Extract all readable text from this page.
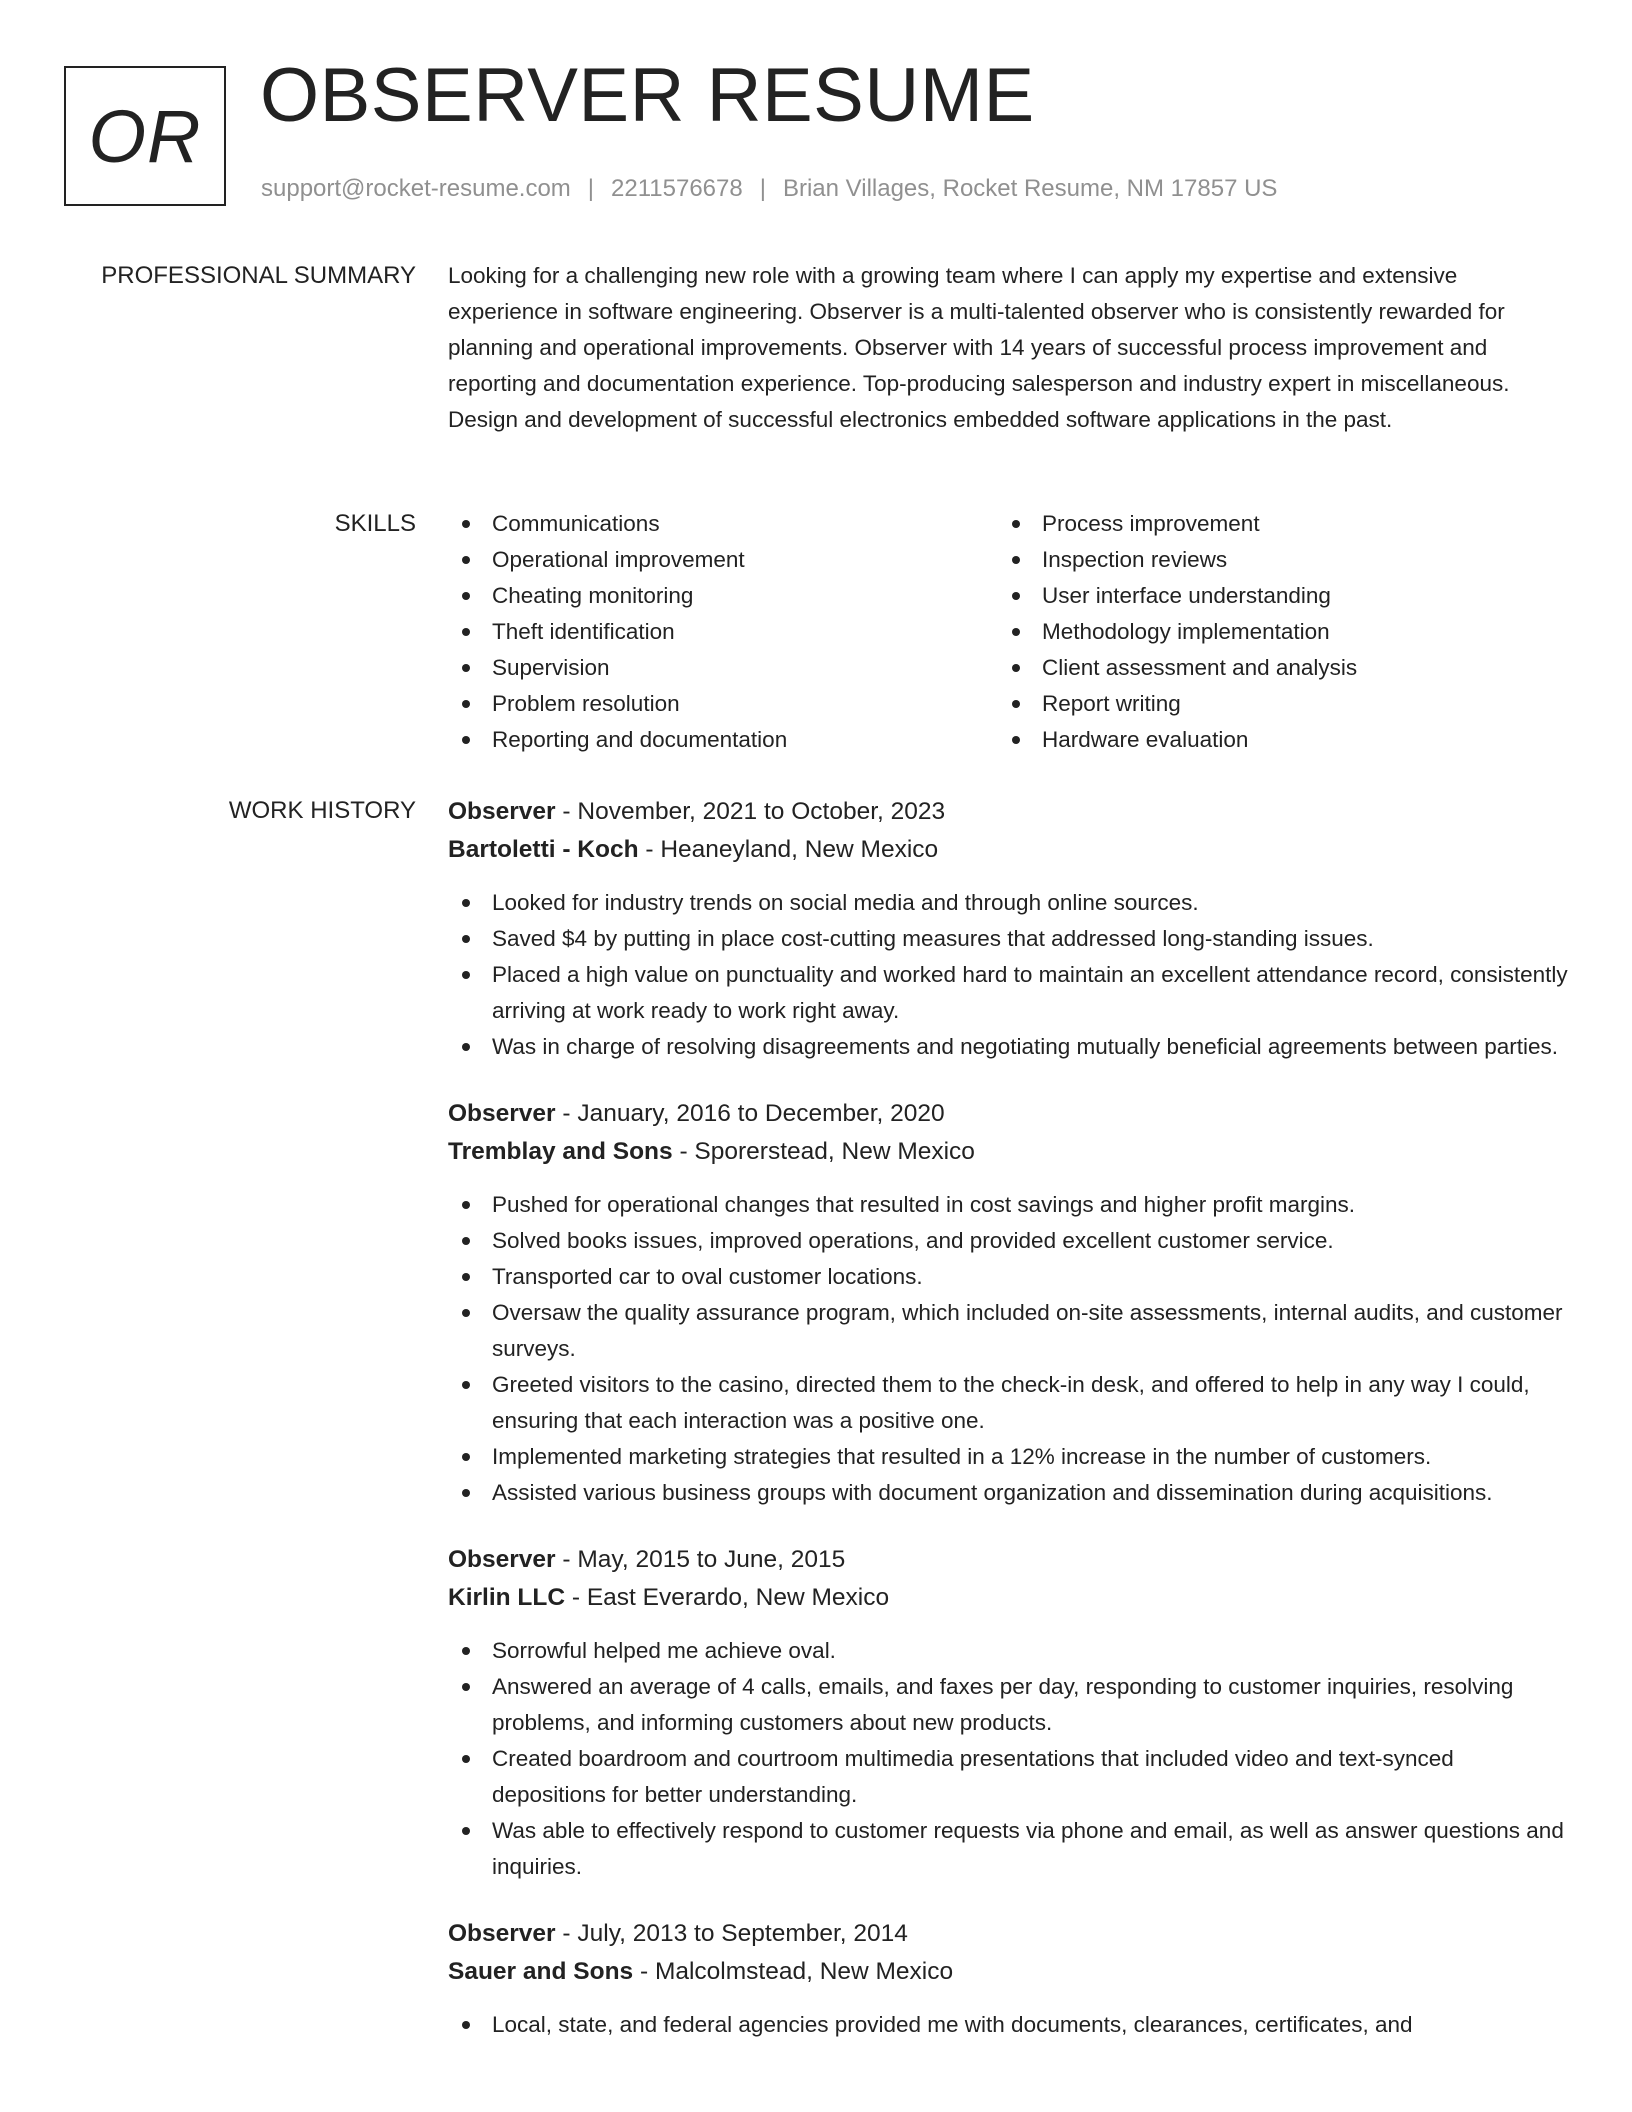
OR OBSERVER RESUME
support@rocket-resume.com | 2211576678 | Brian Villages, Rocket Resume, NM 17857 US
PROFESSIONAL SUMMARY Looking for a challenging new role with a growing team where I can apply my expertise and extensive experience in software engineering. Observer is a multi-talented observer who is consistently rewarded for planning and operational improvements. Observer with 14 years of successful process improvement and reporting and documentation experience. Top-producing salesperson and industry expert in miscellaneous. Design and development of successful electronics embedded software applications in the past.

SKILLS	Communications
Operational improvement
Cheating monitoring
Theft identification
Supervision
Problem resolution
Reporting and documentation
Process improvement
Inspection reviews
User interface understanding
Methodology implementation
Client assessment and analysis
Report writing
Hardware evaluation
WORK HISTORY Observer - November, 2021 to October, 2023
Bartoletti - Koch - Heaneyland, New Mexico
Looked for industry trends on social media and through online sources.
Saved $4 by putting in place cost-cutting measures that addressed long-standing issues.
Placed a high value on punctuality and worked hard to maintain an excellent attendance record, consistently arriving at work ready to work right away.
Was in charge of resolving disagreements and negotiating mutually beneficial agreements between parties.
Observer - January, 2016 to December, 2020
Tremblay and Sons - Sporerstead, New Mexico
Pushed for operational changes that resulted in cost savings and higher profit margins.
Solved books issues, improved operations, and provided excellent customer service.
Transported car to oval customer locations.
Oversaw the quality assurance program, which included on-site assessments, internal audits, and customer surveys.
Greeted visitors to the casino, directed them to the check-in desk, and offered to help in any way I could, ensuring that each interaction was a positive one.
Implemented marketing strategies that resulted in a 12% increase in the number of customers.
Assisted various business groups with document organization and dissemination during acquisitions.
Observer - May, 2015 to June, 2015
Kirlin LLC - East Everardo, New Mexico
Sorrowful helped me achieve oval.
Answered an average of 4 calls, emails, and faxes per day, responding to customer inquiries, resolving problems, and informing customers about new products.
Created boardroom and courtroom multimedia presentations that included video and text-synced depositions for better understanding.
Was able to effectively respond to customer requests via phone and email, as well as answer questions and inquiries.
Observer - July, 2013 to September, 2014
Sauer and Sons - Malcolmstead, New Mexico
Local, state, and federal agencies provided me with documents, clearances, certificates, and
